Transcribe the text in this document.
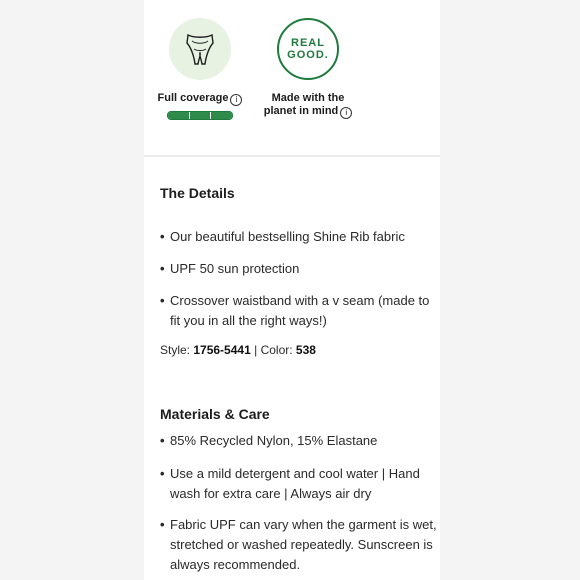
Full coverage i
REAL
GOOD.
Made with the
planet in mind i
The Details
• Our beautiful bestselling Shine Rib fabric
• UPF 50 sun protection
• Crossover waistband with a v seam (made to fit you in all the right ways!)
Style: 1756-5441 | Color: 538
Materials & Care
• 85% Recycled Nylon, 15% Elastane
• Use a mild detergent and cool water | Hand wash for extra care | Always air dry
• Fabric UPF can vary when the garment is wet, stretched or washed repeatedly. Sunscreen is always recommended.
